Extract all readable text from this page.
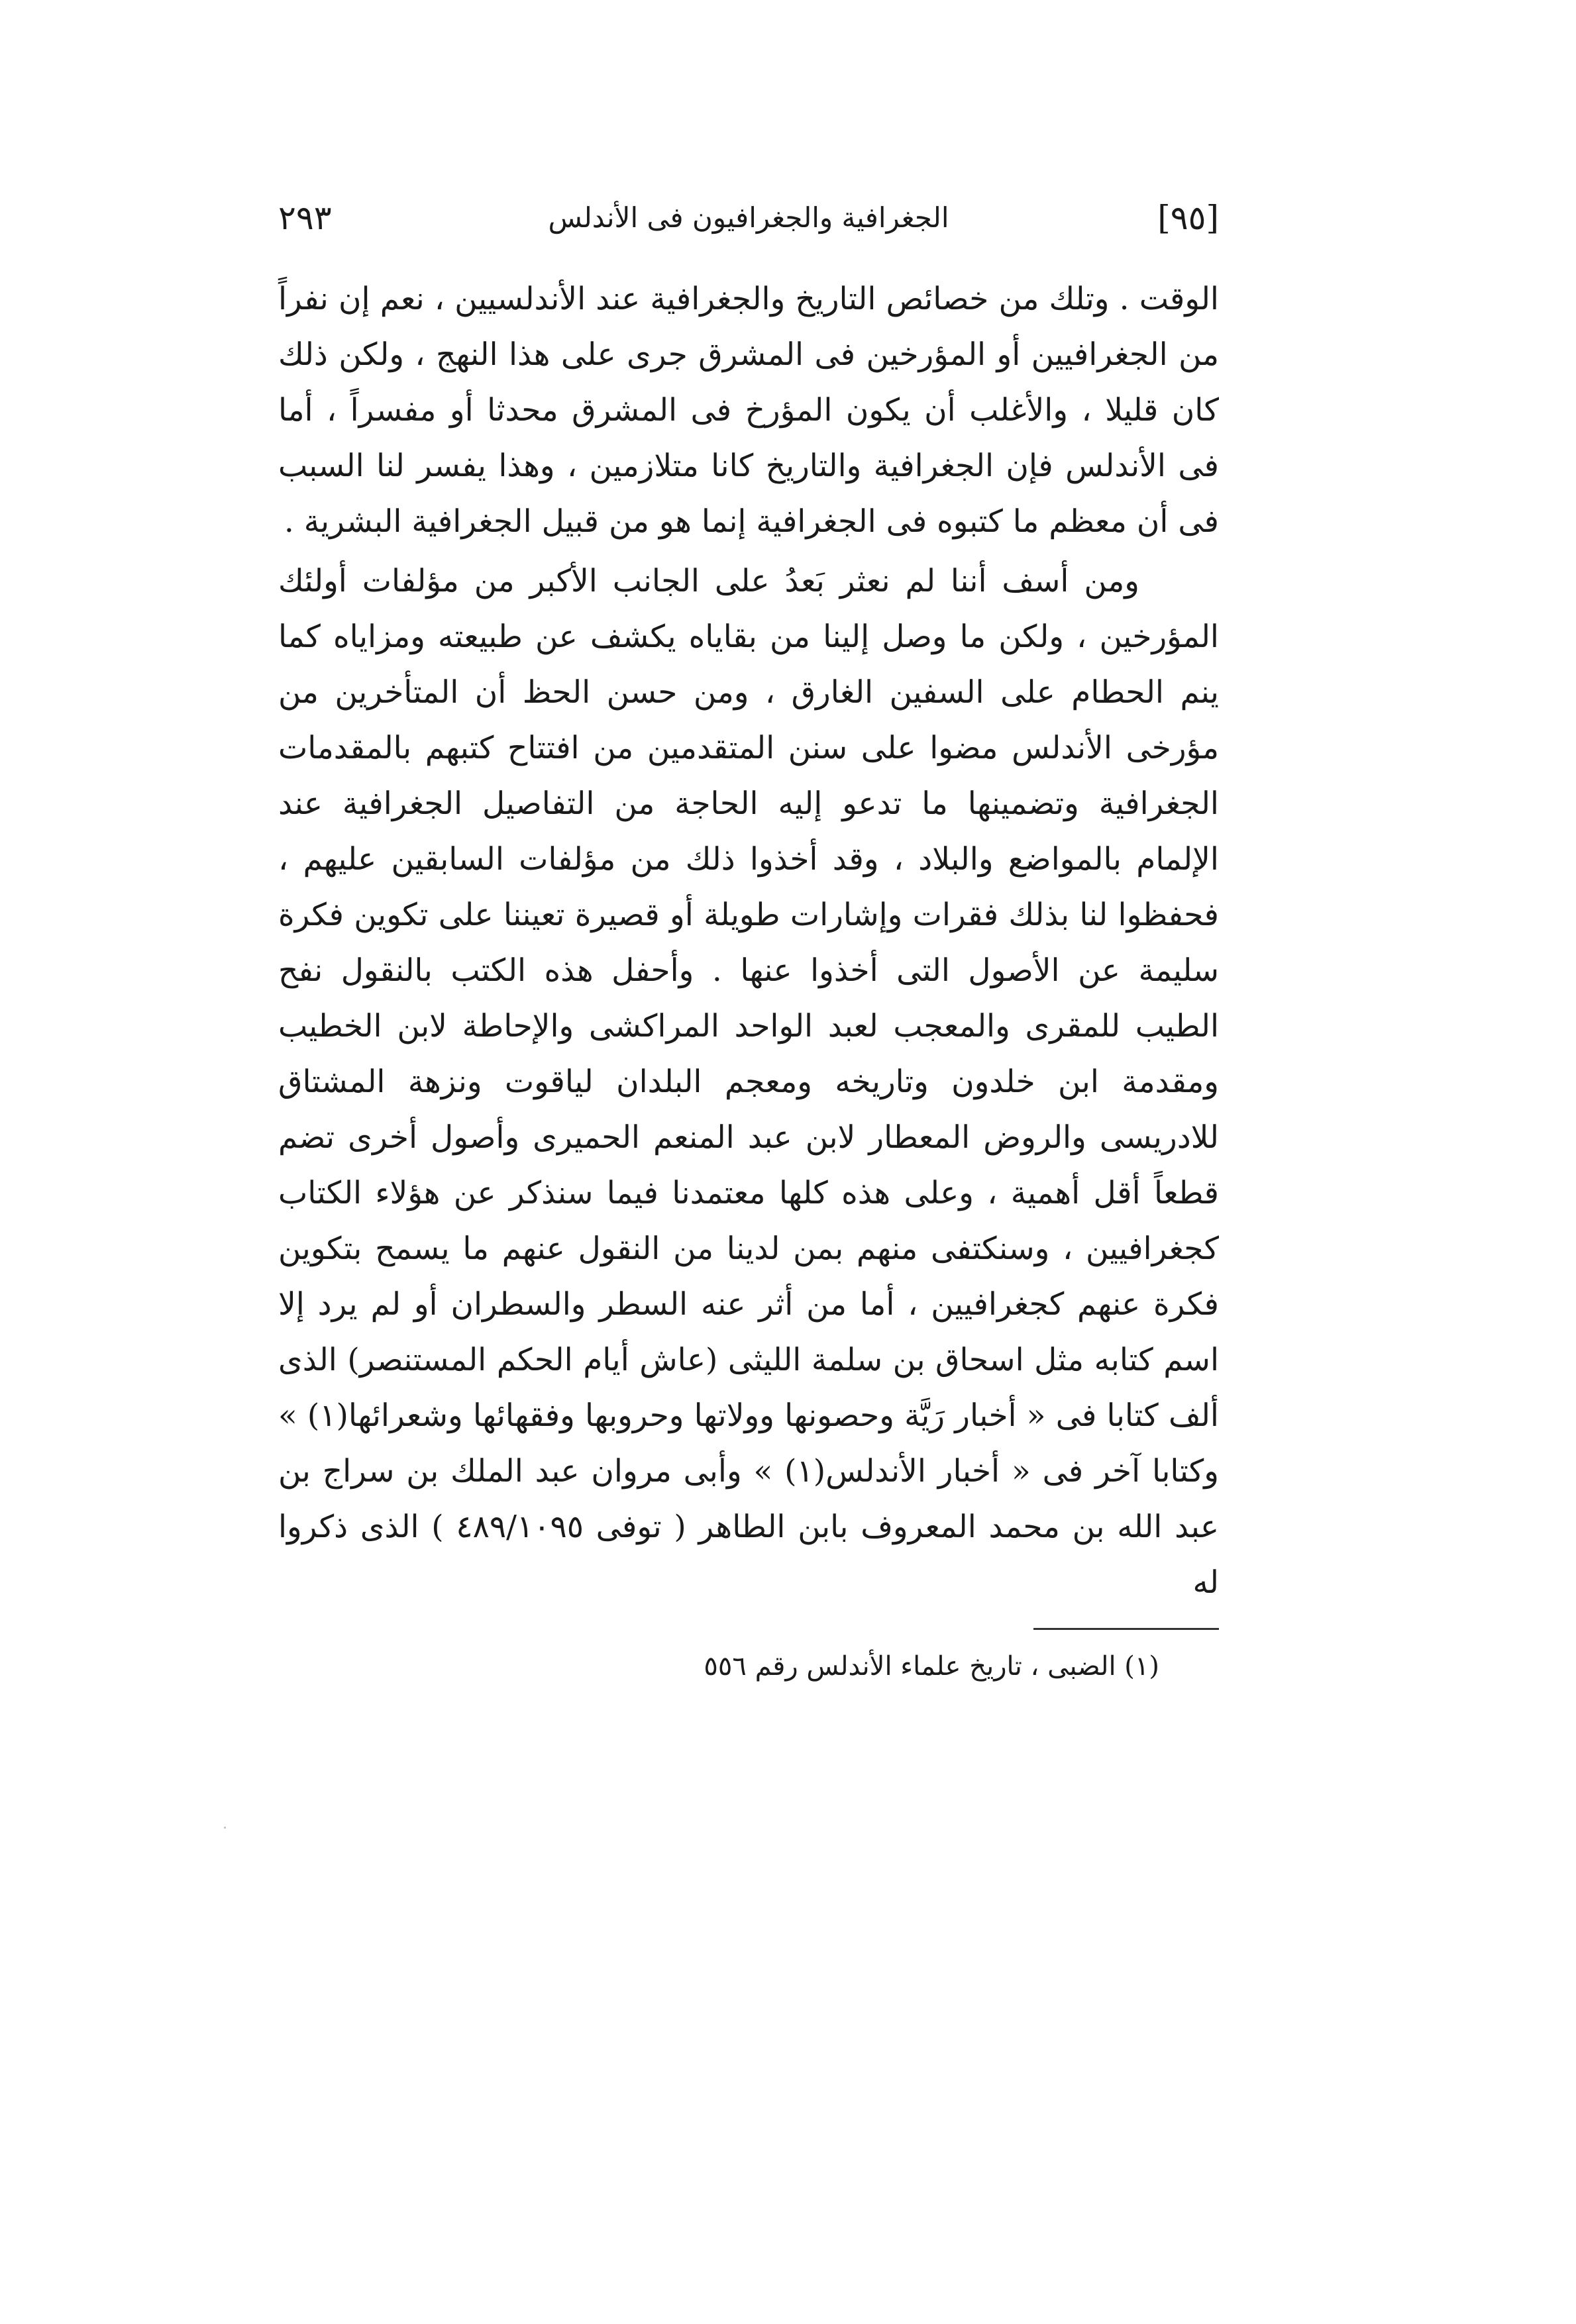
٢٩٣	الجغرافية والجغرافيون فى الأندلس	[٩٥]

الوقت . وتلك من خصائص التاريخ والجغرافية عند الأندلسيين ، نعم إن نفراً من الجغرافيين أو المؤرخين فى المشرق جرى على هذا النهج ، ولكن ذلك كان قليلا ، والأغلب أن يكون المؤرخ فى المشرق محدثا أو مفسراً ، أما فى الأندلس فإن الجغرافية والتاريخ كانا متلازمين ، وهذا يفسر لنا السبب فى أن معظم ما كتبوه فى الجغرافية إنما هو من قبيل الجغرافية البشرية .

ومن أسف أننا لم نعثر بَعدُ على الجانب الأكبر من مؤلفات أولئك المؤرخين ، ولكن ما وصل إلينا من بقاياه يكشف عن طبيعته ومزاياه كما ينم الحطام على السفين الغارق ، ومن حسن الحظ أن المتأخرين من مؤرخى الأندلس مضوا على سنن المتقدمين من افتتاح كتبهم بالمقدمات الجغرافية وتضمينها ما تدعو إليه الحاجة من التفاصيل الجغرافية عند الإلمام بالمواضع والبلاد ، وقد أخذوا ذلك من مؤلفات السابقين عليهم ، فحفظوا لنا بذلك فقرات وإشارات طويلة أو قصيرة تعيننا على تكوين فكرة سليمة عن الأصول التى أخذوا عنها . وأحفل هذه الكتب بالنقول نفح الطيب للمقرى والمعجب لعبد الواحد المراكشى والإحاطة لابن الخطيب ومقدمة ابن خلدون وتاريخه ومعجم البلدان لياقوت ونزهة المشتاق للادريسى والروض المعطار لابن عبد المنعم الحميرى وأصول أخرى تضم قطعاً أقل أهمية ، وعلى هذه كلها معتمدنا فيما سنذكر عن هؤلاء الكتاب كجغرافيين ، وسنكتفى منهم بمن لدينا من النقول عنهم ما يسمح بتكوين فكرة عنهم كجغرافيين ، أما من أثر عنه السطر والسطران أو لم يرد إلا اسم كتابه مثل اسحاق بن سلمة الليثى (عاش أيام الحكم المستنصر) الذى ألف كتابا فى « أخبار رَيَّة وحصونها وولاتها وحروبها وفقهائها وشعرائها(١) » وكتابا آخر فى « أخبار الأندلس(١) » وأبى مروان عبد الملك بن سراج بن عبد الله بن محمد المعروف بابن الطاهر ( توفى ٤٨٩/١٠٩٥ ) الذى ذكروا له

(١) الضبى ، تاريخ علماء الأندلس رقم ٥٥٦
